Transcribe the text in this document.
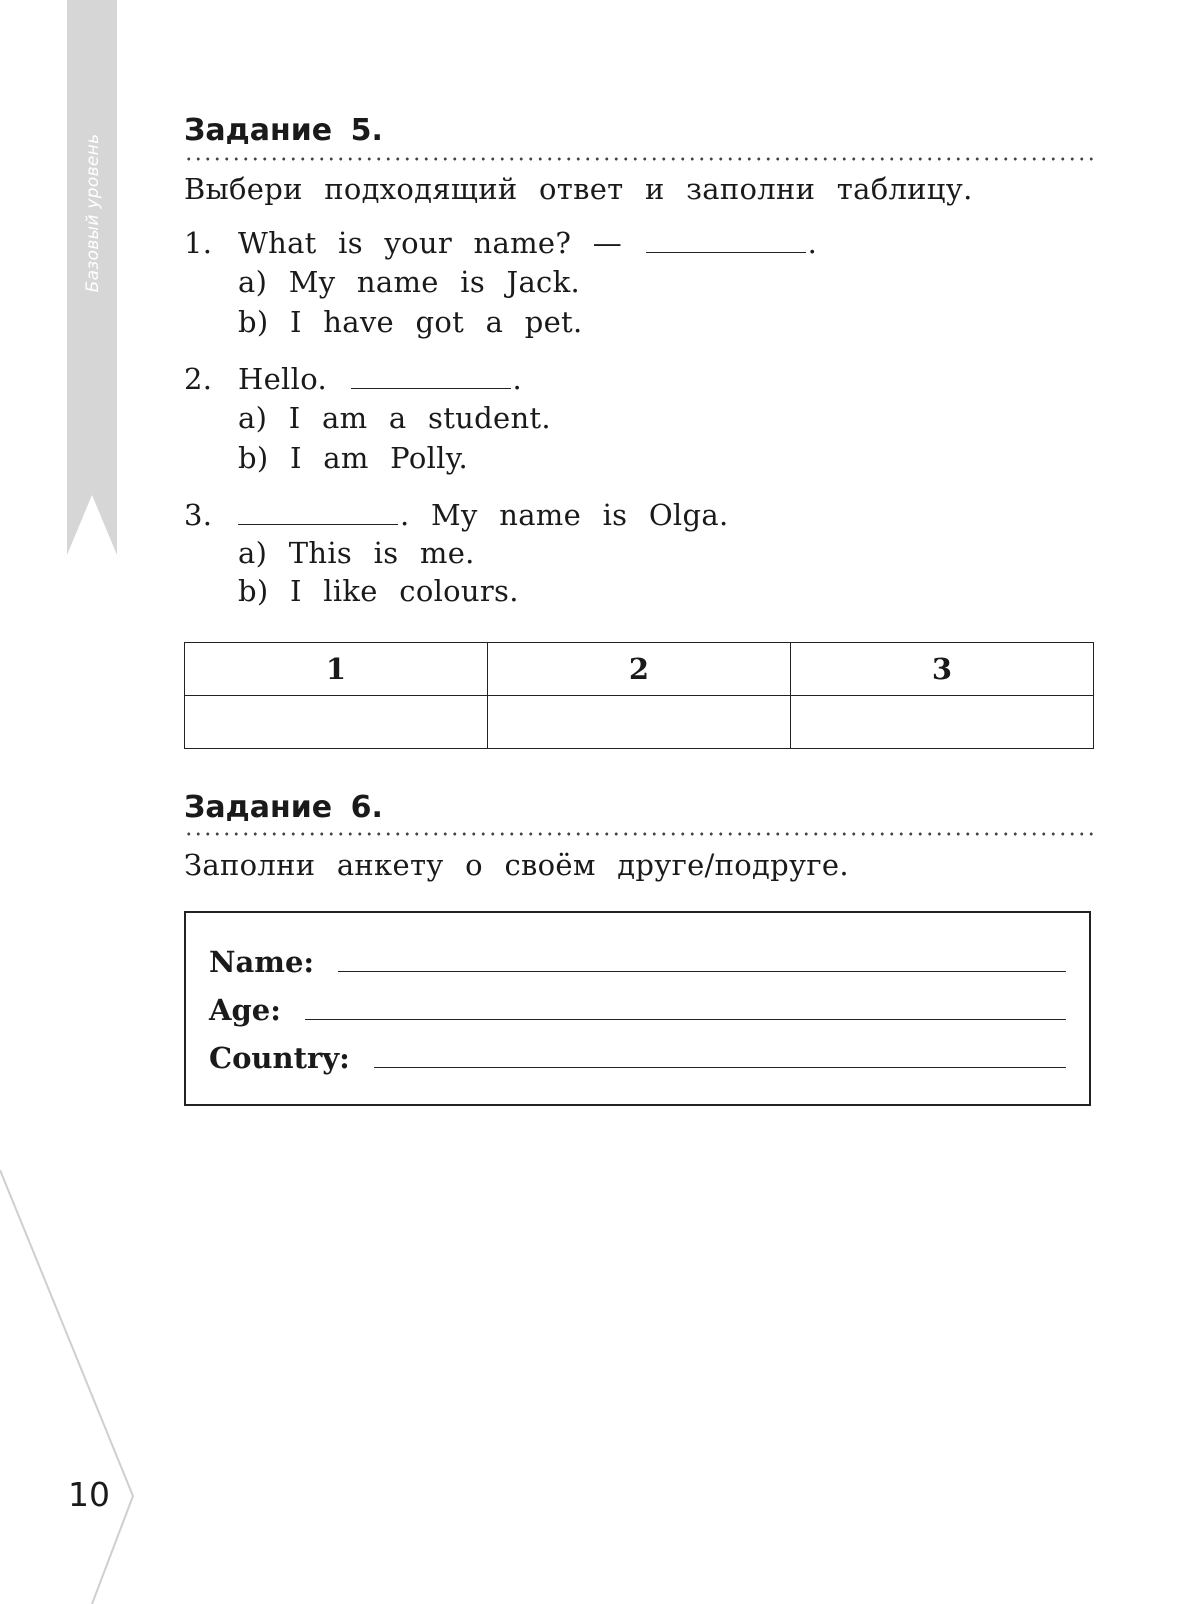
Базовый уровень
Задание 5.
Выбери подходящий ответ и заполни таблицу.
1. What is your name? —	.
a) My name is Jack.
b) I have got a pet.
2. Hello.	.
a) I am a student.
b) I am Polly.
3.	. My name is Olga.
a) This is me.
b) I like colours.
1	2	3

Задание 6.
Заполни анкету о своём друге/подруге.
Name:
Age:
Country:
10
